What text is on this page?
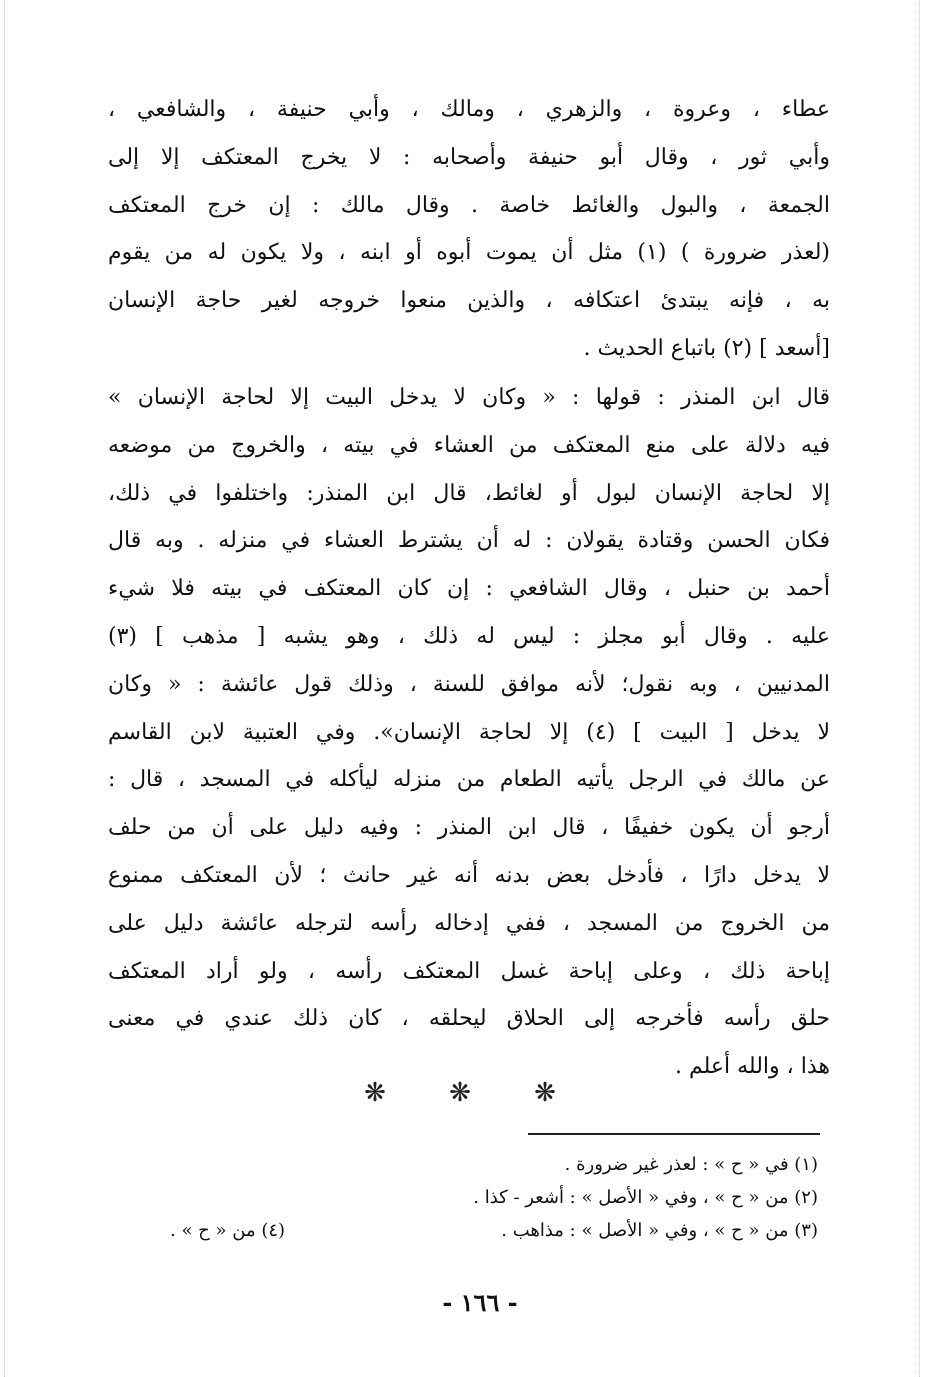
عطاء ، وعروة ، والزهري ، ومالك ، وأبي حنيفة ، والشافعي ،
وأبي ثور ، وقال أبو حنيفة وأصحابه : لا يخرج المعتكف إلا إلى
الجمعة ، والبول والغائط خاصة . وقال مالك : إن خرج المعتكف
(لعذر ضرورة ) (١) مثل أن يموت أبوه أو ابنه ، ولا يكون له من يقوم
به ، فإنه يبتدئ اعتكافه ، والذين منعوا خروجه لغير حاجة الإنسان
[أسعد ] (٢) باتباع الحديث .
قال ابن المنذر : قولها : « وكان لا يدخل البيت إلا لحاجة الإنسان »
فيه دلالة على منع المعتكف من العشاء في بيته ، والخروج من موضعه
إلا لحاجة الإنسان لبول أو لغائط، قال ابن المنذر: واختلفوا في ذلك،
فكان الحسن وقتادة يقولان : له أن يشترط العشاء في منزله . وبه قال
أحمد بن حنبل ، وقال الشافعي : إن كان المعتكف في بيته فلا شيء
عليه . وقال أبو مجلز : ليس له ذلك ، وهو يشبه [ مذهب ] (٣)
المدنيين ، وبه نقول؛ لأنه موافق للسنة ، وذلك قول عائشة : « وكان
لا يدخل [ البيت ] (٤) إلا لحاجة الإنسان». وفي العتبية لابن القاسم
عن مالك في الرجل يأتيه الطعام من منزله ليأكله في المسجد ، قال :
أرجو أن يكون خفيفًا ، قال ابن المنذر : وفيه دليل على أن من حلف
لا يدخل دارًا ، فأدخل بعض بدنه أنه غير حانث ؛ لأن المعتكف ممنوع
من الخروج من المسجد ، ففي إدخاله رأسه لترجله عائشة دليل على
إباحة ذلك ، وعلى إباحة غسل المعتكف رأسه ، ولو أراد المعتكف
حلق رأسه فأخرجه إلى الحلاق ليحلقه ، كان ذلك عندي في معنى
هذا ، والله أعلم .
❋ ❋ ❋
(١) في « ح » : لعذر غير ضرورة .
(٢) من « ح » ، وفي « الأصل » : أشعر - كذا .
(٣) من « ح » ، وفي « الأصل » : مذاهب .
(٤) من « ح » .
- ١٦٦ -
